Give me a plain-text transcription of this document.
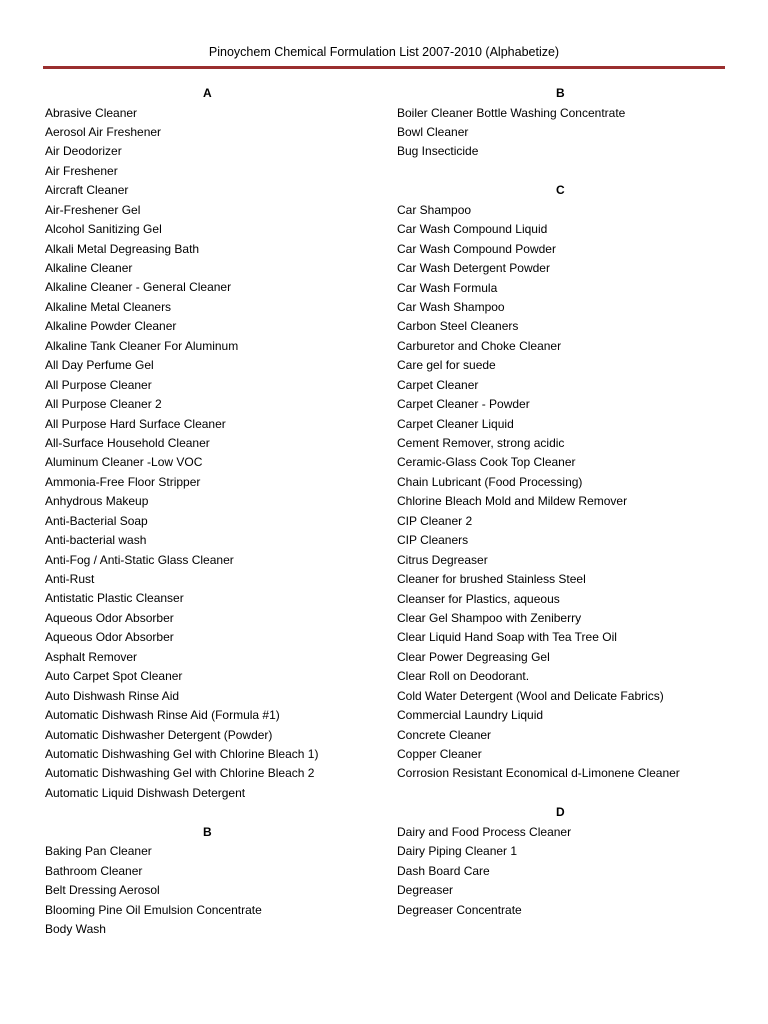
Pinoychem Chemical Formulation List 2007-2010 (Alphabetize)
A
Abrasive Cleaner
Aerosol Air Freshener
Air Deodorizer
Air Freshener
Aircraft Cleaner
Air-Freshener Gel
Alcohol Sanitizing Gel
Alkali Metal Degreasing Bath
Alkaline Cleaner
Alkaline Cleaner - General Cleaner
Alkaline Metal Cleaners
Alkaline Powder Cleaner
Alkaline Tank Cleaner For Aluminum
All Day Perfume Gel
All Purpose Cleaner
All Purpose Cleaner 2
All Purpose Hard Surface Cleaner
All-Surface Household Cleaner
Aluminum Cleaner -Low VOC
Ammonia-Free Floor Stripper
Anhydrous Makeup
Anti-Bacterial Soap
Anti-bacterial wash
Anti-Fog / Anti-Static Glass Cleaner
Anti-Rust
Antistatic Plastic Cleanser
Aqueous Odor Absorber
Aqueous Odor Absorber
Asphalt Remover
Auto Carpet Spot Cleaner
Auto Dishwash Rinse Aid
Automatic Dishwash Rinse Aid (Formula #1)
Automatic Dishwasher Detergent (Powder)
Automatic Dishwashing Gel with Chlorine Bleach 1)
Automatic Dishwashing Gel with Chlorine Bleach 2
Automatic Liquid Dishwash Detergent
B
Baking Pan Cleaner
Bathroom Cleaner
Belt Dressing Aerosol
Blooming Pine Oil Emulsion Concentrate
Body Wash
B
Boiler Cleaner Bottle Washing Concentrate
Bowl Cleaner
Bug Insecticide
C
Car Shampoo
Car Wash Compound Liquid
Car Wash Compound Powder
Car Wash Detergent Powder
Car Wash Formula
Car Wash Shampoo
Carbon Steel Cleaners
Carburetor and Choke Cleaner
Care gel for suede
Carpet Cleaner
Carpet Cleaner - Powder
Carpet Cleaner Liquid
Cement Remover, strong acidic
Ceramic-Glass Cook Top Cleaner
Chain Lubricant (Food Processing)
Chlorine Bleach Mold and Mildew Remover
CIP Cleaner 2
CIP Cleaners
Citrus Degreaser
Cleaner for brushed Stainless Steel
Cleanser for Plastics, aqueous
Clear Gel Shampoo with Zeniberry
Clear Liquid Hand Soap with Tea Tree Oil
Clear Power Degreasing Gel
Clear Roll on Deodorant.
Cold Water Detergent (Wool and Delicate Fabrics)
Commercial Laundry Liquid
Concrete Cleaner
Copper Cleaner
Corrosion Resistant Economical d-Limonene Cleaner
D
Dairy and Food Process Cleaner
Dairy Piping Cleaner 1
Dash Board Care
Degreaser
Degreaser Concentrate
